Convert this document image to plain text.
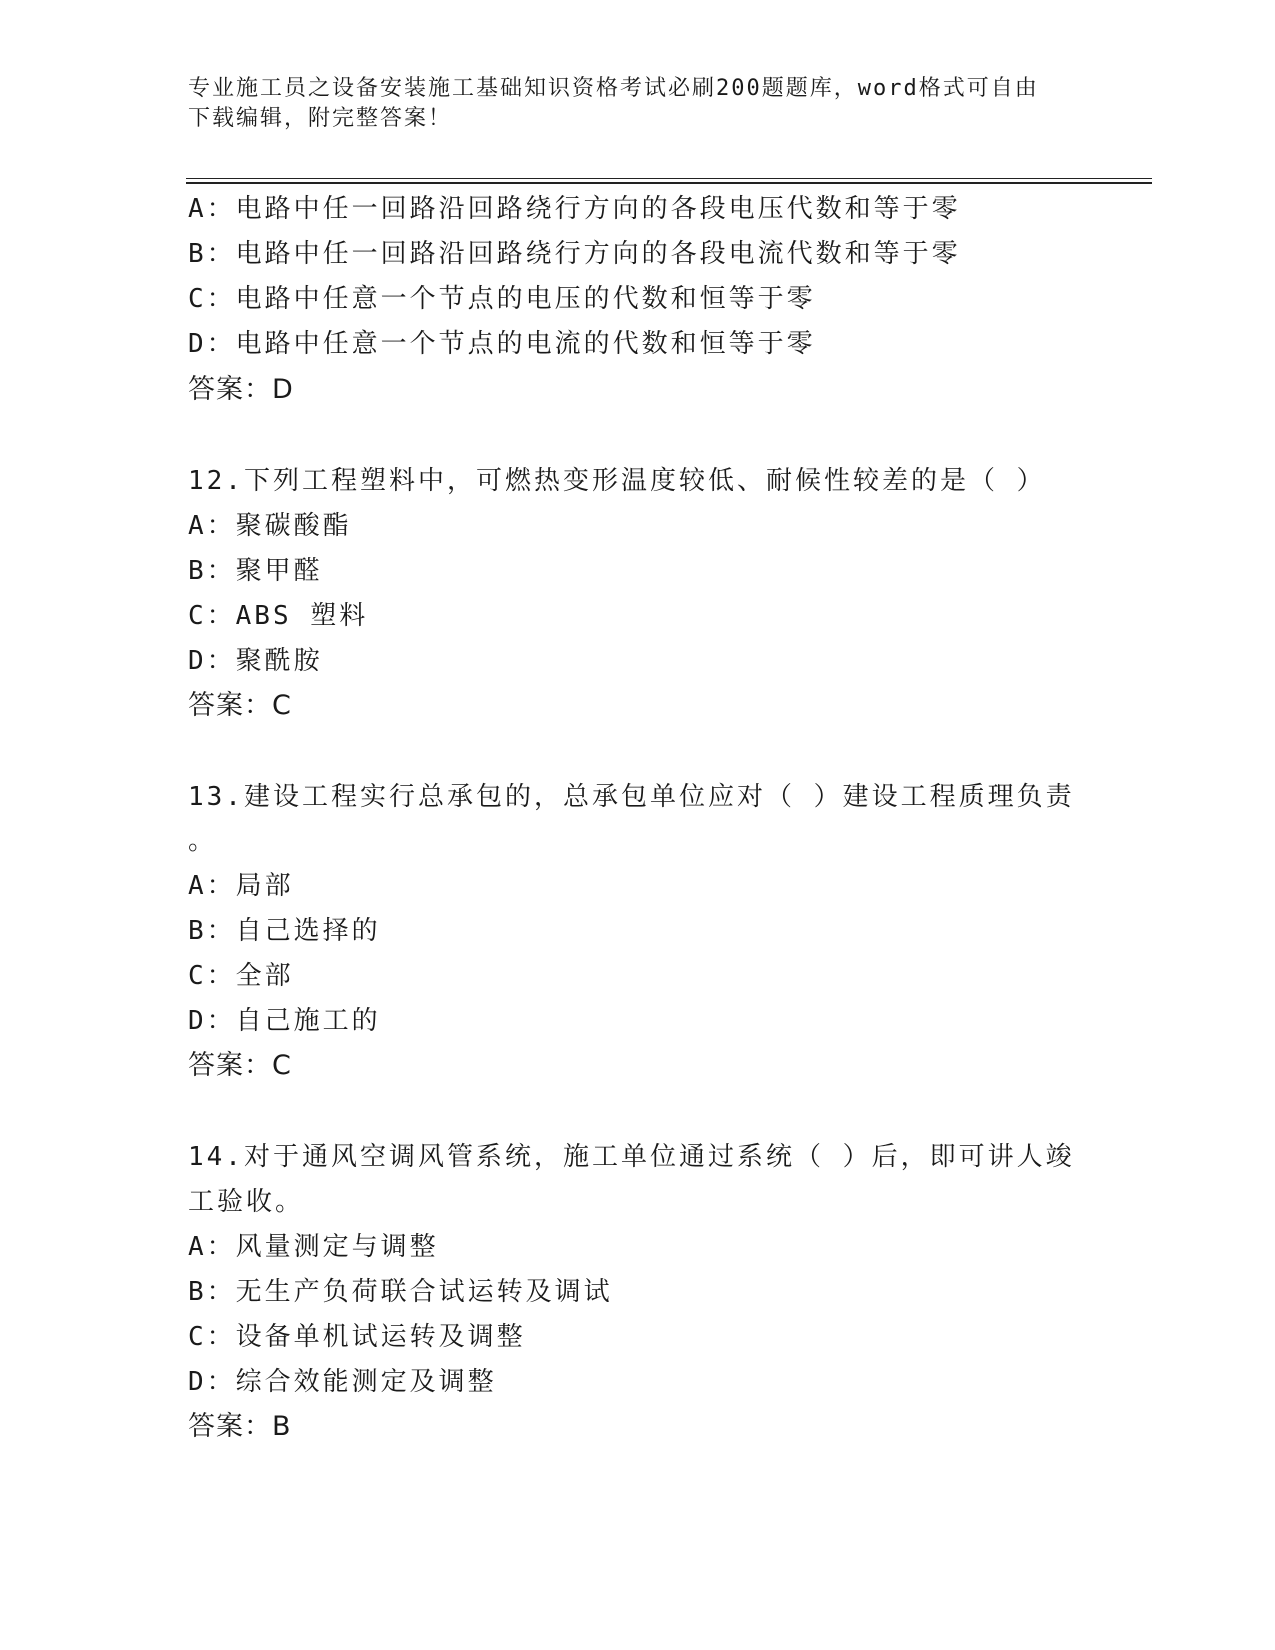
专业施工员之设备安装施工基础知识资格考试必刷200题题库，word格式可自由
下载编辑，附完整答案！
A：电路中任一回路沿回路绕行方向的各段电压代数和等于零
B：电路中任一回路沿回路绕行方向的各段电流代数和等于零
C：电路中任意一个节点的电压的代数和恒等于零
D：电路中任意一个节点的电流的代数和恒等于零
答案：D
12.下列工程塑料中，可燃热变形温度较低、耐候性较差的是（ ）
A：聚碳酸酯
B：聚甲醛
C：ABS 塑料
D：聚酰胺
答案：C
13.建设工程实行总承包的，总承包单位应对（ ）建设工程质理负责
。
A：局部
B：自己选择的
C：全部
D：自己施工的
答案：C
14.对于通风空调风管系统，施工单位通过系统（ ）后，即可讲人竣
工验收。
A：风量测定与调整
B：无生产负荷联合试运转及调试
C：设备单机试运转及调整
D：综合效能测定及调整
答案：B
